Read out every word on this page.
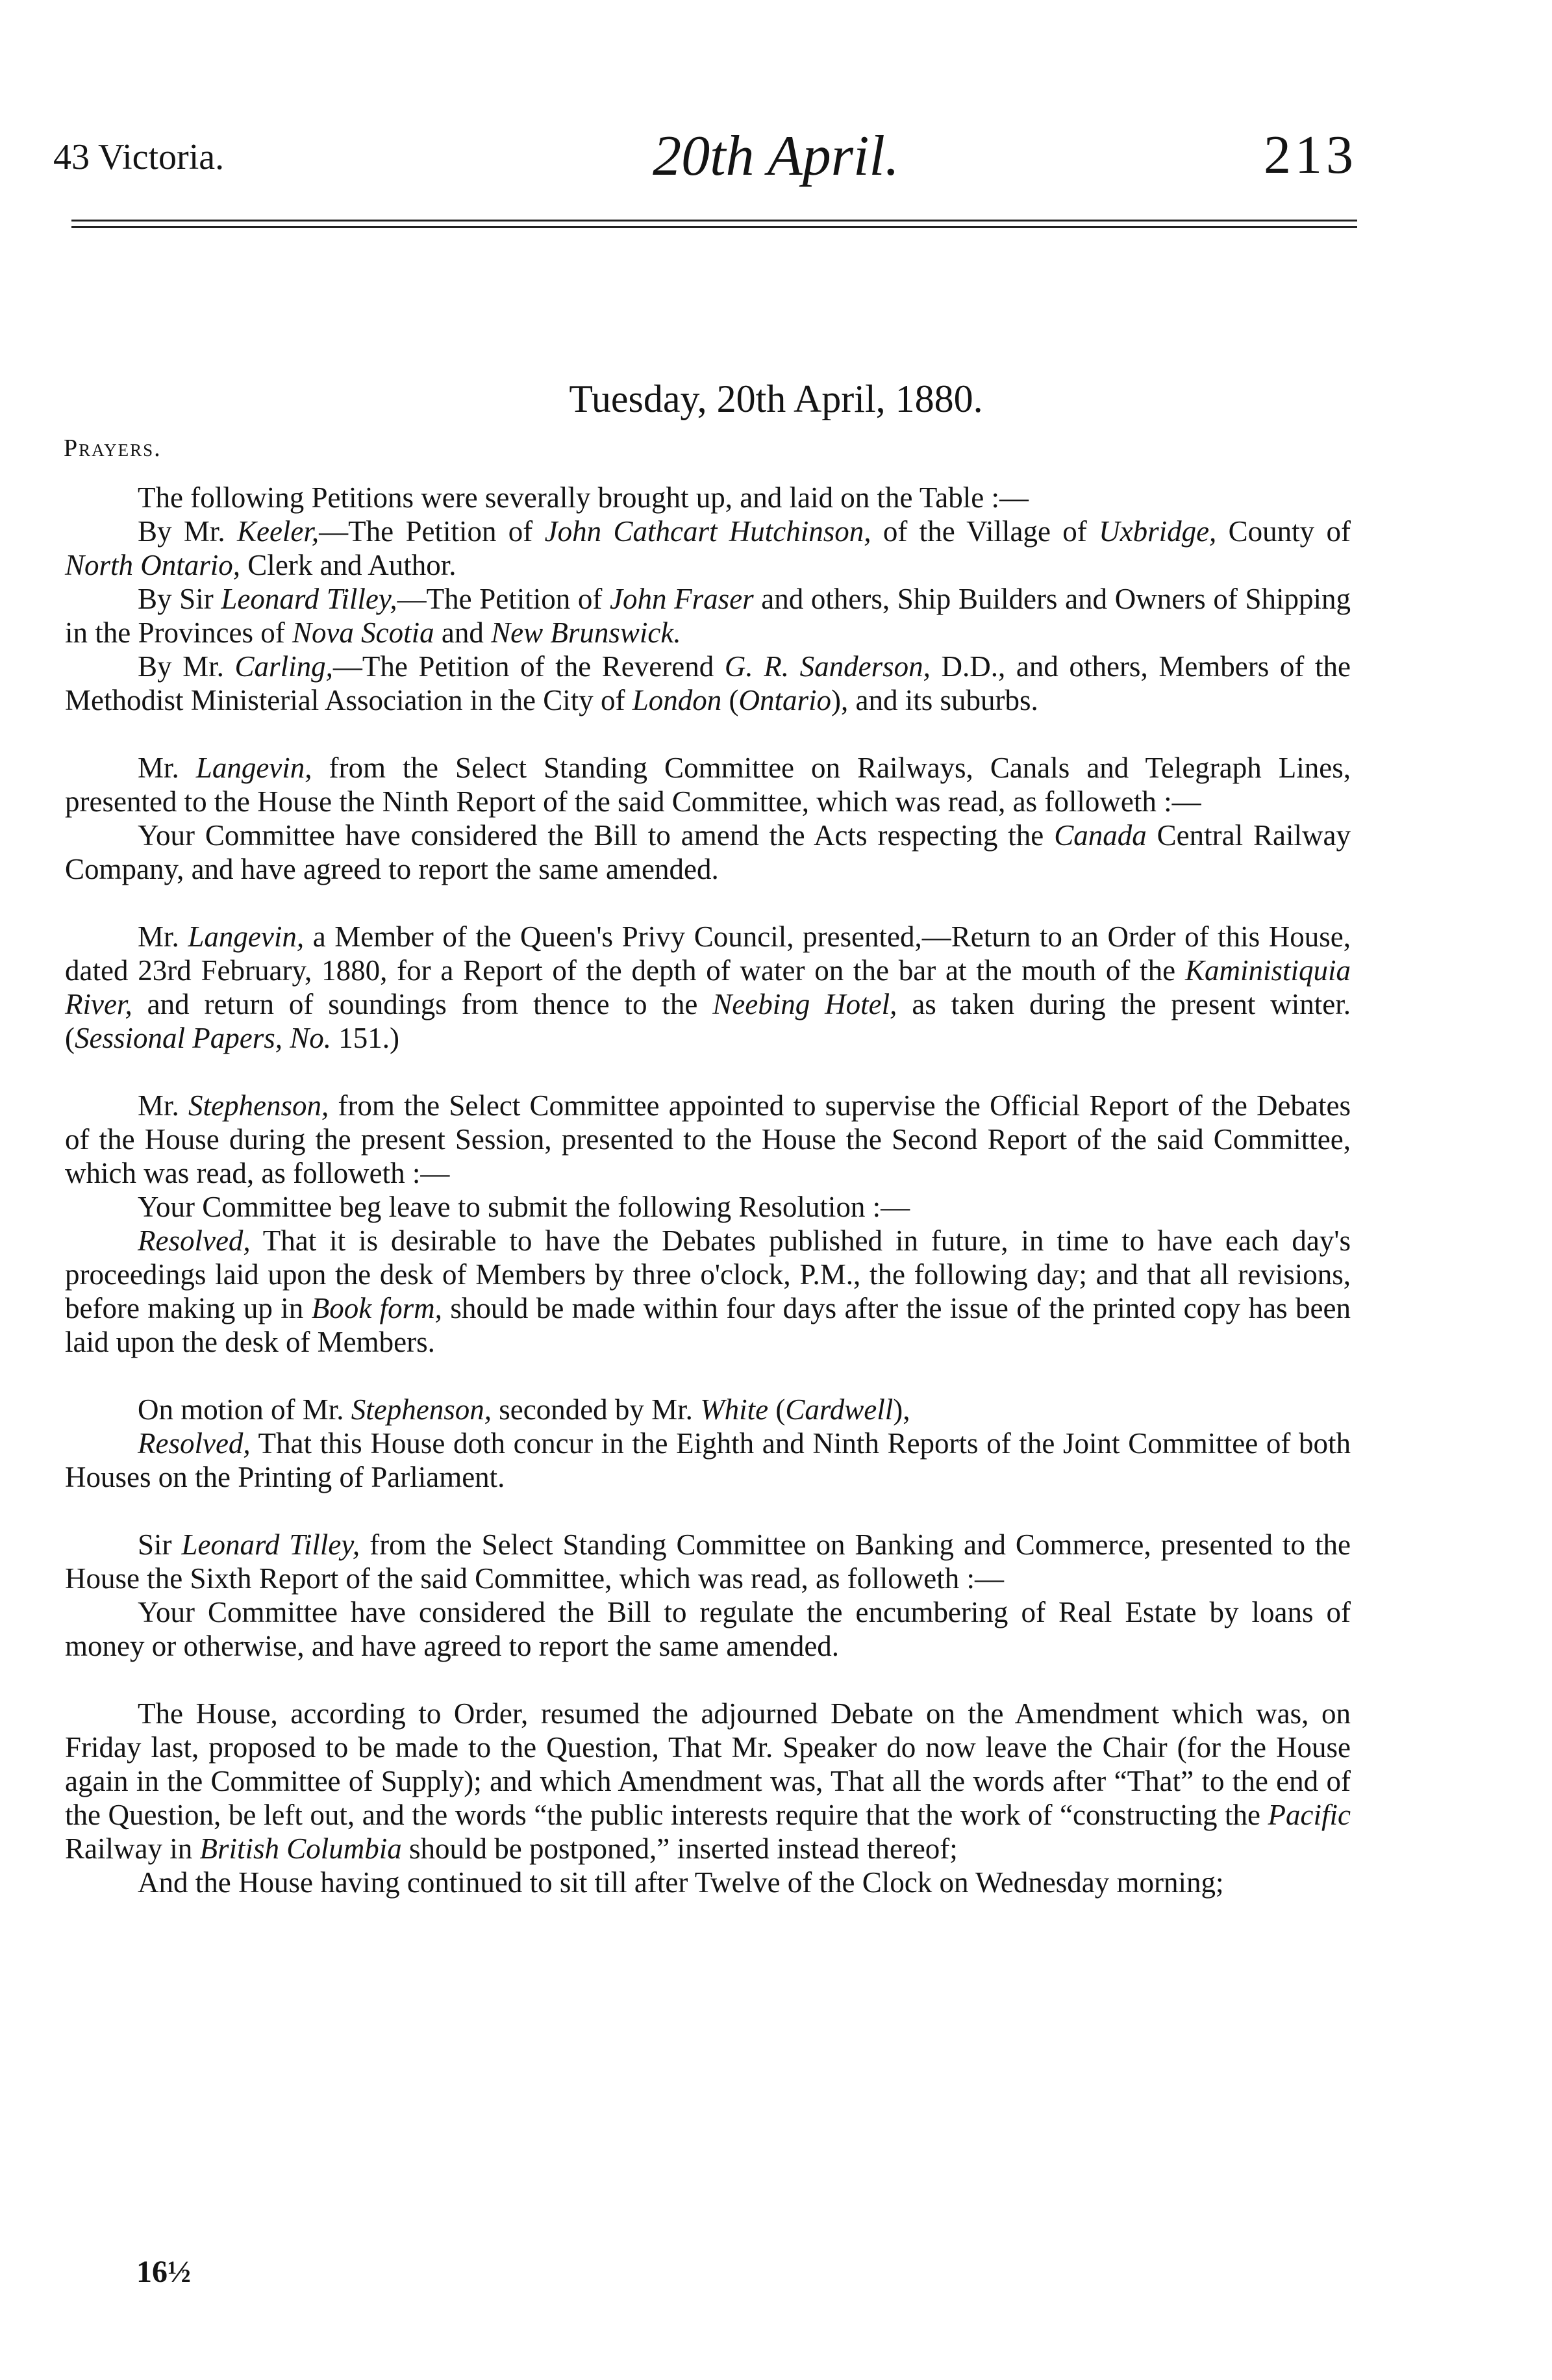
43 Victoria.	20th April.	213
Tuesday, 20th April, 1880.
Prayers.

The following Petitions were severally brought up, and laid on the Table :—

By Mr. Keeler,—The Petition of John Cathcart Hutchinson, of the Village of Uxbridge, County of North Ontario, Clerk and Author.

By Sir Leonard Tilley,—The Petition of John Fraser and others, Ship Builders and Owners of Shipping in the Provinces of Nova Scotia and New Brunswick.

By Mr. Carling,—The Petition of the Reverend G. R. Sanderson, D.D., and others, Members of the Methodist Ministerial Association in the City of London (Ontario), and its suburbs.

Mr. Langevin, from the Select Standing Committee on Railways, Canals and Telegraph Lines, presented to the House the Ninth Report of the said Committee, which was read, as followeth :—

Your Committee have considered the Bill to amend the Acts respecting the Canada Central Railway Company, and have agreed to report the same amended.

Mr. Langevin, a Member of the Queen's Privy Council, presented,—Return to an Order of this House, dated 23rd February, 1880, for a Report of the depth of water on the bar at the mouth of the Kaministiquia River, and return of soundings from thence to the Neebing Hotel, as taken during the present winter. (Sessional Papers, No. 151.)

Mr. Stephenson, from the Select Committee appointed to supervise the Official Report of the Debates of the House during the present Session, presented to the House the Second Report of the said Committee, which was read, as followeth :—

Your Committee beg leave to submit the following Resolution :—

Resolved, That it is desirable to have the Debates published in future, in time to have each day's proceedings laid upon the desk of Members by three o'clock, P.M., the following day; and that all revisions, before making up in Book form, should be made within four days after the issue of the printed copy has been laid upon the desk of Members.

On motion of Mr. Stephenson, seconded by Mr. White (Cardwell),

Resolved, That this House doth concur in the Eighth and Ninth Reports of the Joint Committee of both Houses on the Printing of Parliament.

Sir Leonard Tilley, from the Select Standing Committee on Banking and Commerce, presented to the House the Sixth Report of the said Committee, which was read, as followeth :—

Your Committee have considered the Bill to regulate the encumbering of Real Estate by loans of money or otherwise, and have agreed to report the same amended.

The House, according to Order, resumed the adjourned Debate on the Amendment which was, on Friday last, proposed to be made to the Question, That Mr. Speaker do now leave the Chair (for the House again in the Committee of Supply); and which Amendment was, That all the words after “That” to the end of the Question, be left out, and the words “the public interests require that the work of “constructing the Pacific Railway in British Columbia should be postponed,” inserted instead thereof;

And the House having continued to sit till after Twelve of the Clock on Wednesday morning;

16½
